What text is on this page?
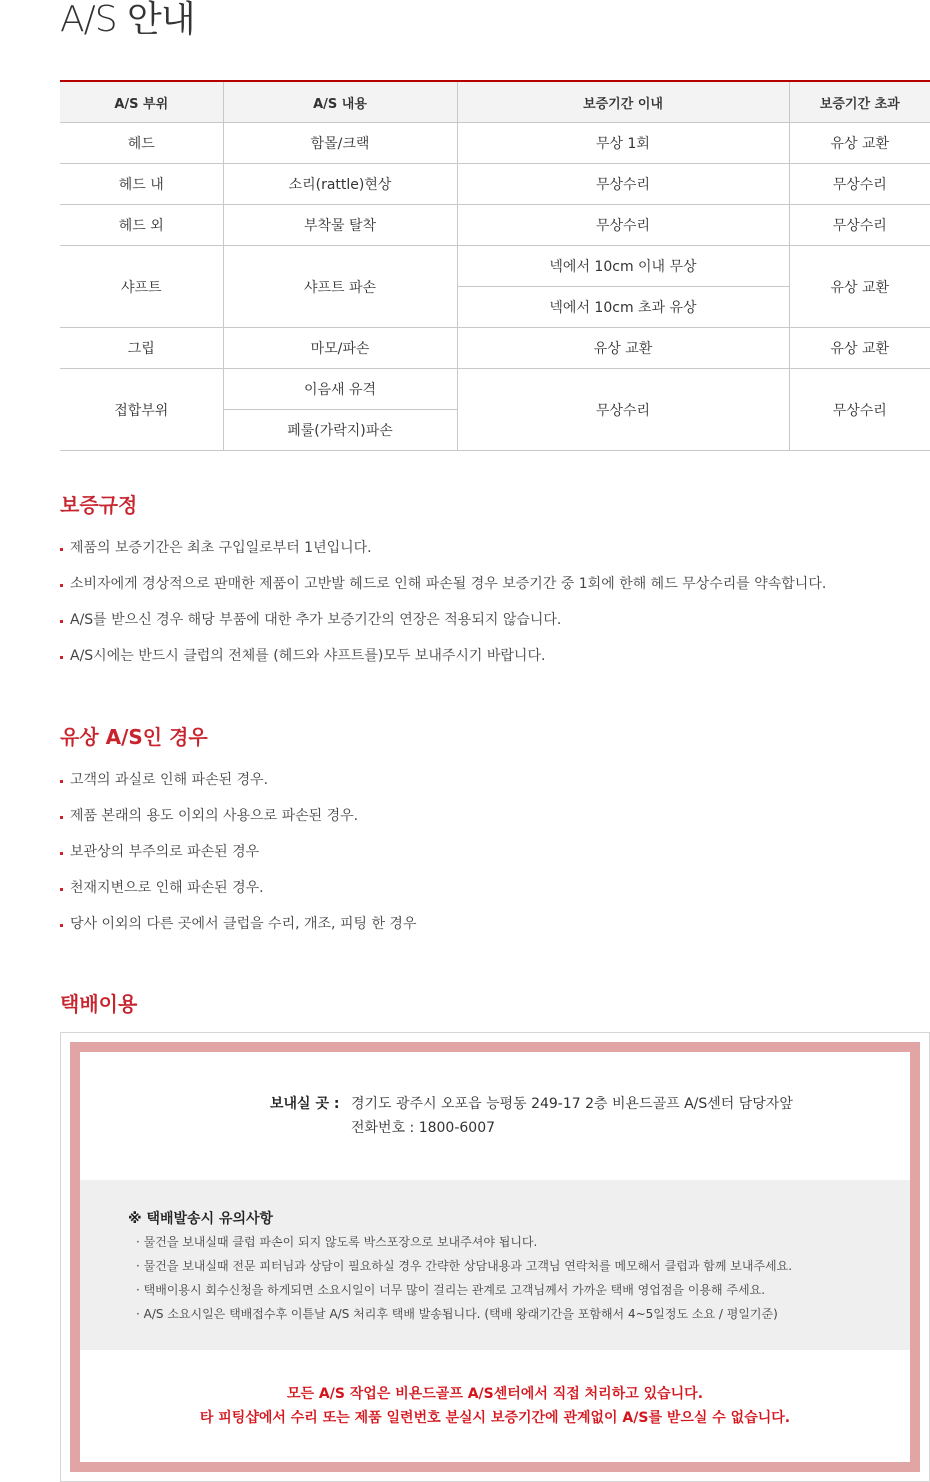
A/S 안내
A/S 부위	A/S 내용	보증기간 이내	보증기간 초과
헤드	함몰/크랙	무상 1회	유상 교환
헤드 내	소리(rattle)현상	무상수리	무상수리
헤드 외	부착물 탈착	무상수리	무상수리
샤프트	샤프트 파손	넥에서 10cm 이내 무상	유상 교환
		넥에서 10cm 초과 유상	
그립	마모/파손	유상 교환	유상 교환
접합부위	이음새 유격	무상수리	무상수리
	페룰(가락지)파손		
보증규정
제품의 보증기간은 최초 구입일로부터 1년입니다.
소비자에게 경상적으로 판매한 제품이 고반발 헤드로 인해 파손될 경우 보증기간 중 1회에 한해 헤드 무상수리를 약속합니다.
A/S를 받으신 경우 해당 부품에 대한 추가 보증기간의 연장은 적용되지 않습니다.
A/S시에는 반드시 클럽의 전체를 (헤드와 샤프트를)모두 보내주시기 바랍니다.
유상 A/S인 경우
고객의 과실로 인해 파손된 경우.
제품 본래의 용도 이외의 사용으로 파손된 경우.
보관상의 부주의로 파손된 경우
천재지변으로 인해 파손된 경우.
당사 이외의 다른 곳에서 클럽을 수리, 개조, 피팅 한 경우
택배이용
보내실 곳 : 경기도 광주시 오포읍 능평동 249-17 2층 비욘드골프 A/S센터 담당자앞
전화번호 : 1800-6007
※ 택배발송시 유의사항
· 물건을 보내실때 클럽 파손이 되지 않도록 박스포장으로 보내주셔야 됩니다.
· 물건을 보내실때 전문 피터님과 상담이 필요하실 경우 간략한 상담내용과 고객님 연락처를 메모해서 클럽과 함께 보내주세요.
· 택배이용시 회수신청을 하게되면 소요시일이 너무 많이 걸리는 관계로 고객님께서 가까운 택배 영업점을 이용해 주세요.
· A/S 소요시일은 택배접수후 이튿날 A/S 처리후 택배 발송됩니다. (택배 왕래기간을 포함해서 4~5일정도 소요 / 평일기준)
모든 A/S 작업은 비욘드골프 A/S센터에서 직접 처리하고 있습니다.
타 피팅샵에서 수리 또는 제품 일련번호 분실시 보증기간에 관계없이 A/S를 받으실 수 없습니다.
